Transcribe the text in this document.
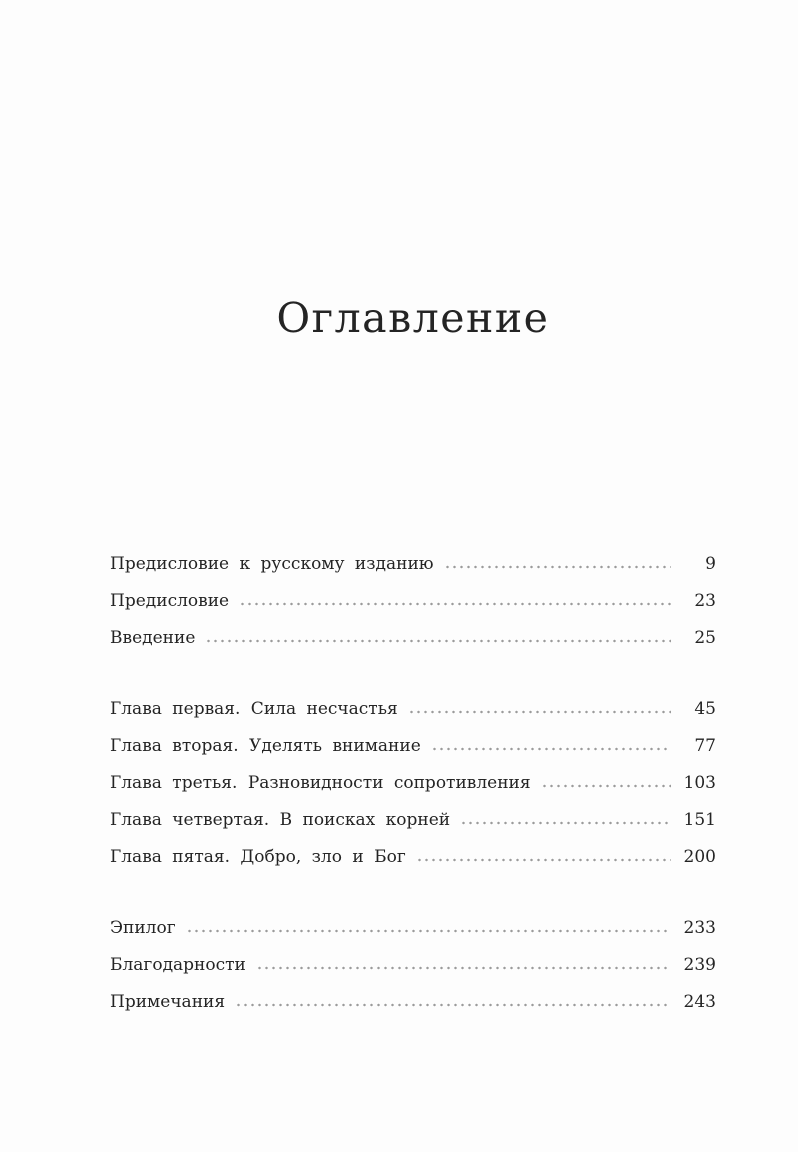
Оглавление
Предисловие к русскому изданию	9
Предисловие	23
Введение	25
Глава первая. Сила несчастья	45
Глава вторая. Уделять внимание	77
Глава третья. Разновидности сопротивления	103
Глава четвертая. В поисках корней	151
Глава пятая. Добро, зло и Бог	200
Эпилог	233
Благодарности	239
Примечания	243
